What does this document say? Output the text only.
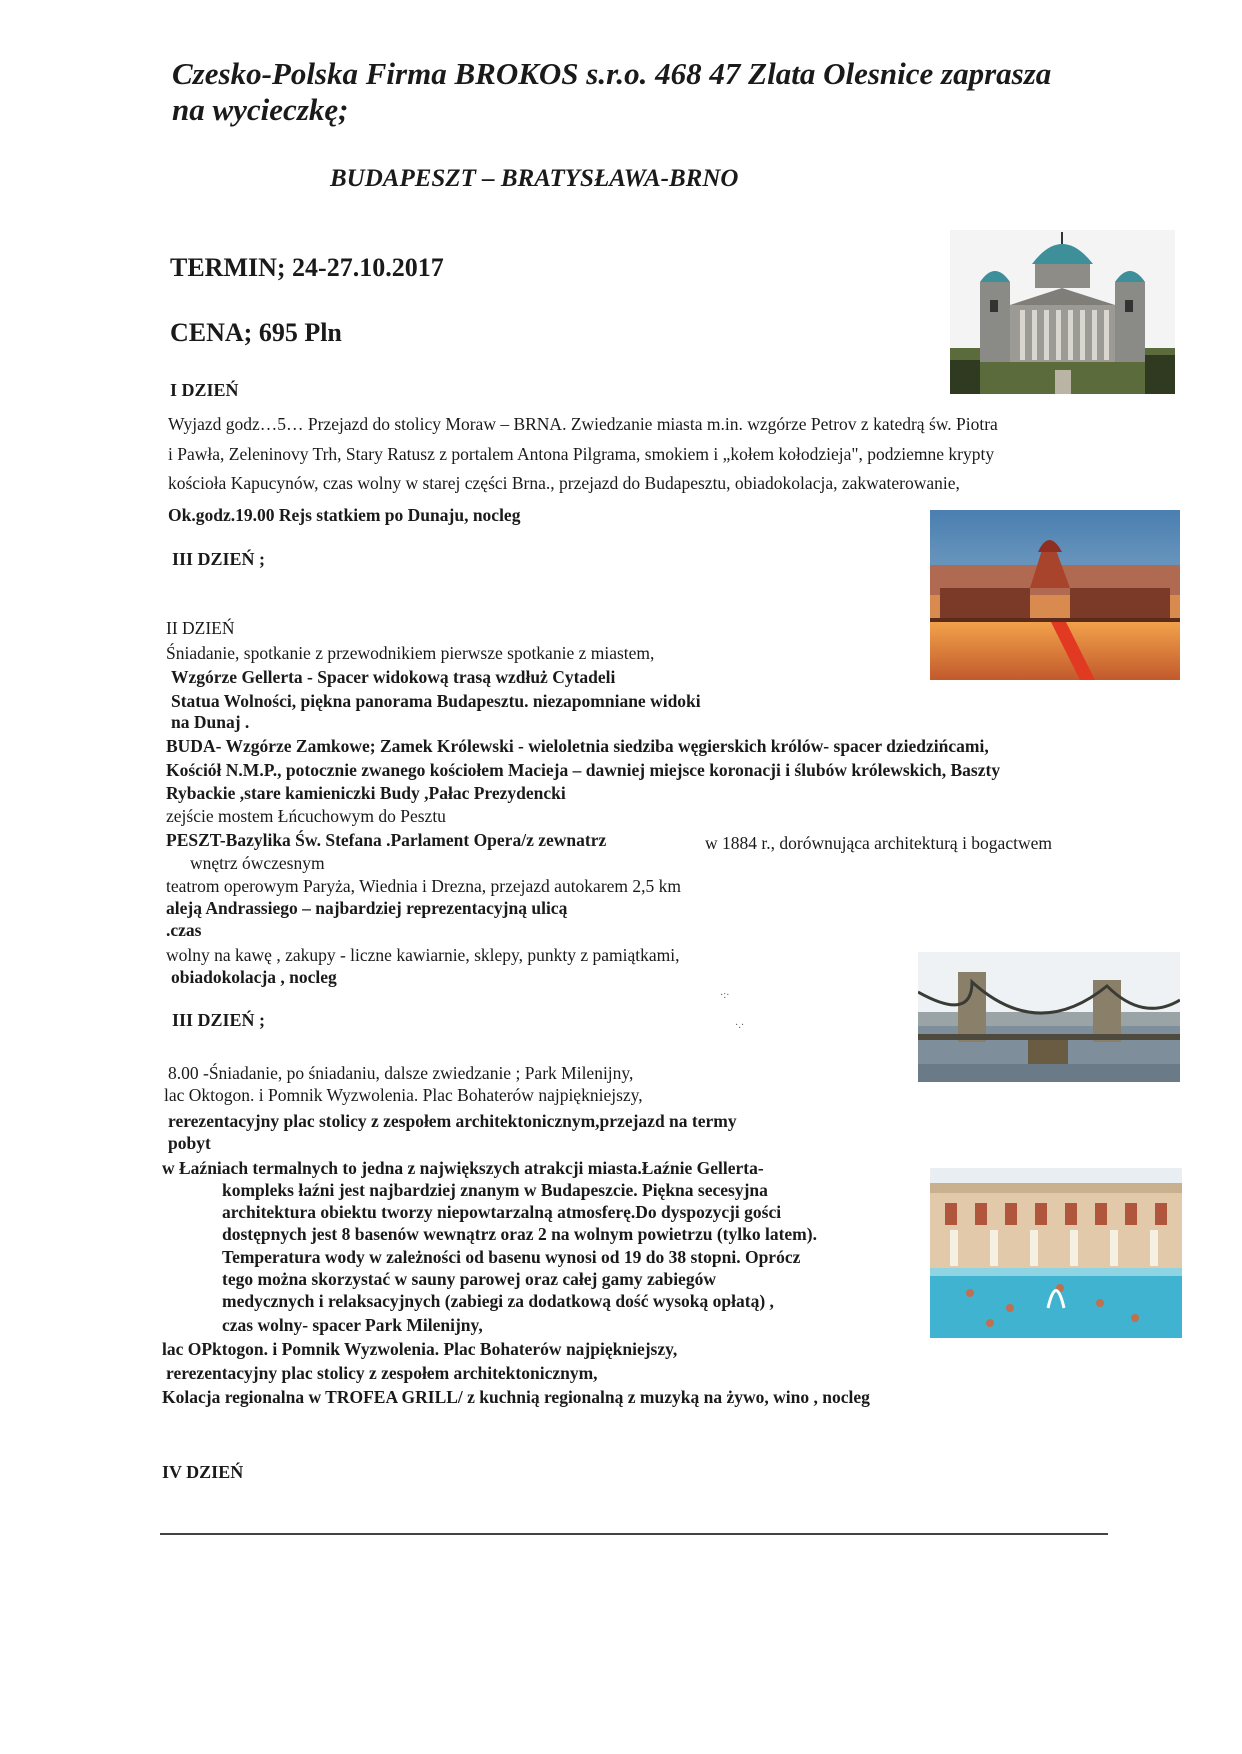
Czesko-Polska Firma BROKOS s.r.o. 468 47 Zlata Olesnice zaprasza
na wycieczkę;
BUDAPESZT – BRATYSŁAWA-BRNO
TERMIN; 24-27.10.2017
CENA; 695 Pln
I DZIEŃ
Wyjazd godz…5… Przejazd do stolicy Moraw – BRNA. Zwiedzanie miasta m.in. wzgórze Petrov z katedrą św. Piotra
i Pawła, Zeleninovy Trh, Stary Ratusz z portalem Antona Pilgrama, smokiem i „kołem kołodzieja", podziemne krypty
kościoła Kapucynów, czas wolny w starej części Brna., przejazd do Budapesztu, obiadokolacja, zakwaterowanie,
Ok.godz.19.00 Rejs statkiem po Dunaju, nocleg
III DZIEŃ ;
II DZIEŃ
Śniadanie, spotkanie z przewodnikiem pierwsze spotkanie z miastem,
Wzgórze Gellerta - Spacer widokową trasą wzdłuż Cytadeli
Statua Wolności, piękna panorama Budapesztu. niezapomniane widoki
na Dunaj .
BUDA- Wzgórze Zamkowe; Zamek Królewski - wieloletnia siedziba węgierskich królów- spacer dziedzińcami,
Kościół N.M.P., potocznie zwanego kościołem Macieja – dawniej miejsce koronacji i ślubów królewskich, Baszty
Rybackie ,stare kamieniczki Budy ,Pałac Prezydencki
zejście mostem Łńcuchowym do Pesztu
PESZT-Bazylika Św. Stefana .Parlament Opera/z zewnatrz	w 1884 r., dorównująca architekturą i bogactwem
wnętrz ówczesnym
teatrom operowym Paryża, Wiednia i Drezna, przejazd autokarem 2,5 km
aleją Andrassiego – najbardziej reprezentacyjną ulicą
.czas
wolny na kawę , zakupy - liczne kawiarnie, sklepy, punkty z pamiątkami,
obiadokolacja , nocleg
III DZIEŃ ;
8.00 -Śniadanie, po śniadaniu, dalsze zwiedzanie ; Park Milenijny,
lac Oktogon. i Pomnik Wyzwolenia. Plac Bohaterów najpiękniejszy,
rerezentacyjny plac stolicy z zespołem architektonicznym,przejazd na termy
pobyt
w Łaźniach termalnych to jedna z największych atrakcji miasta.Łaźnie Gellerta-
kompleks łaźni jest najbardziej znanym w Budapeszcie. Piękna secesyjna
architektura obiektu tworzy niepowtarzalną atmosferę.Do dyspozycji gości
dostępnych jest 8 basenów wewnątrz oraz 2 na wolnym powietrzu (tylko latem).
Temperatura wody w zależności od basenu wynosi od 19 do 38 stopni. Oprócz
tego można skorzystać w sauny parowej oraz całej gamy zabiegów
medycznych i relaksacyjnych (zabiegi za dodatkową dość wysoką opłatą) ,
czas wolny- spacer Park Milenijny,
lac OPktogon. i Pomnik Wyzwolenia. Plac Bohaterów najpiękniejszy,
rerezentacyjny plac stolicy z zespołem architektonicznym,
Kolacja regionalna w TROFEA GRILL/ z kuchnią regionalną z muzyką na żywo, wino , nocleg
IV DZIEŃ
·:·
·.·
